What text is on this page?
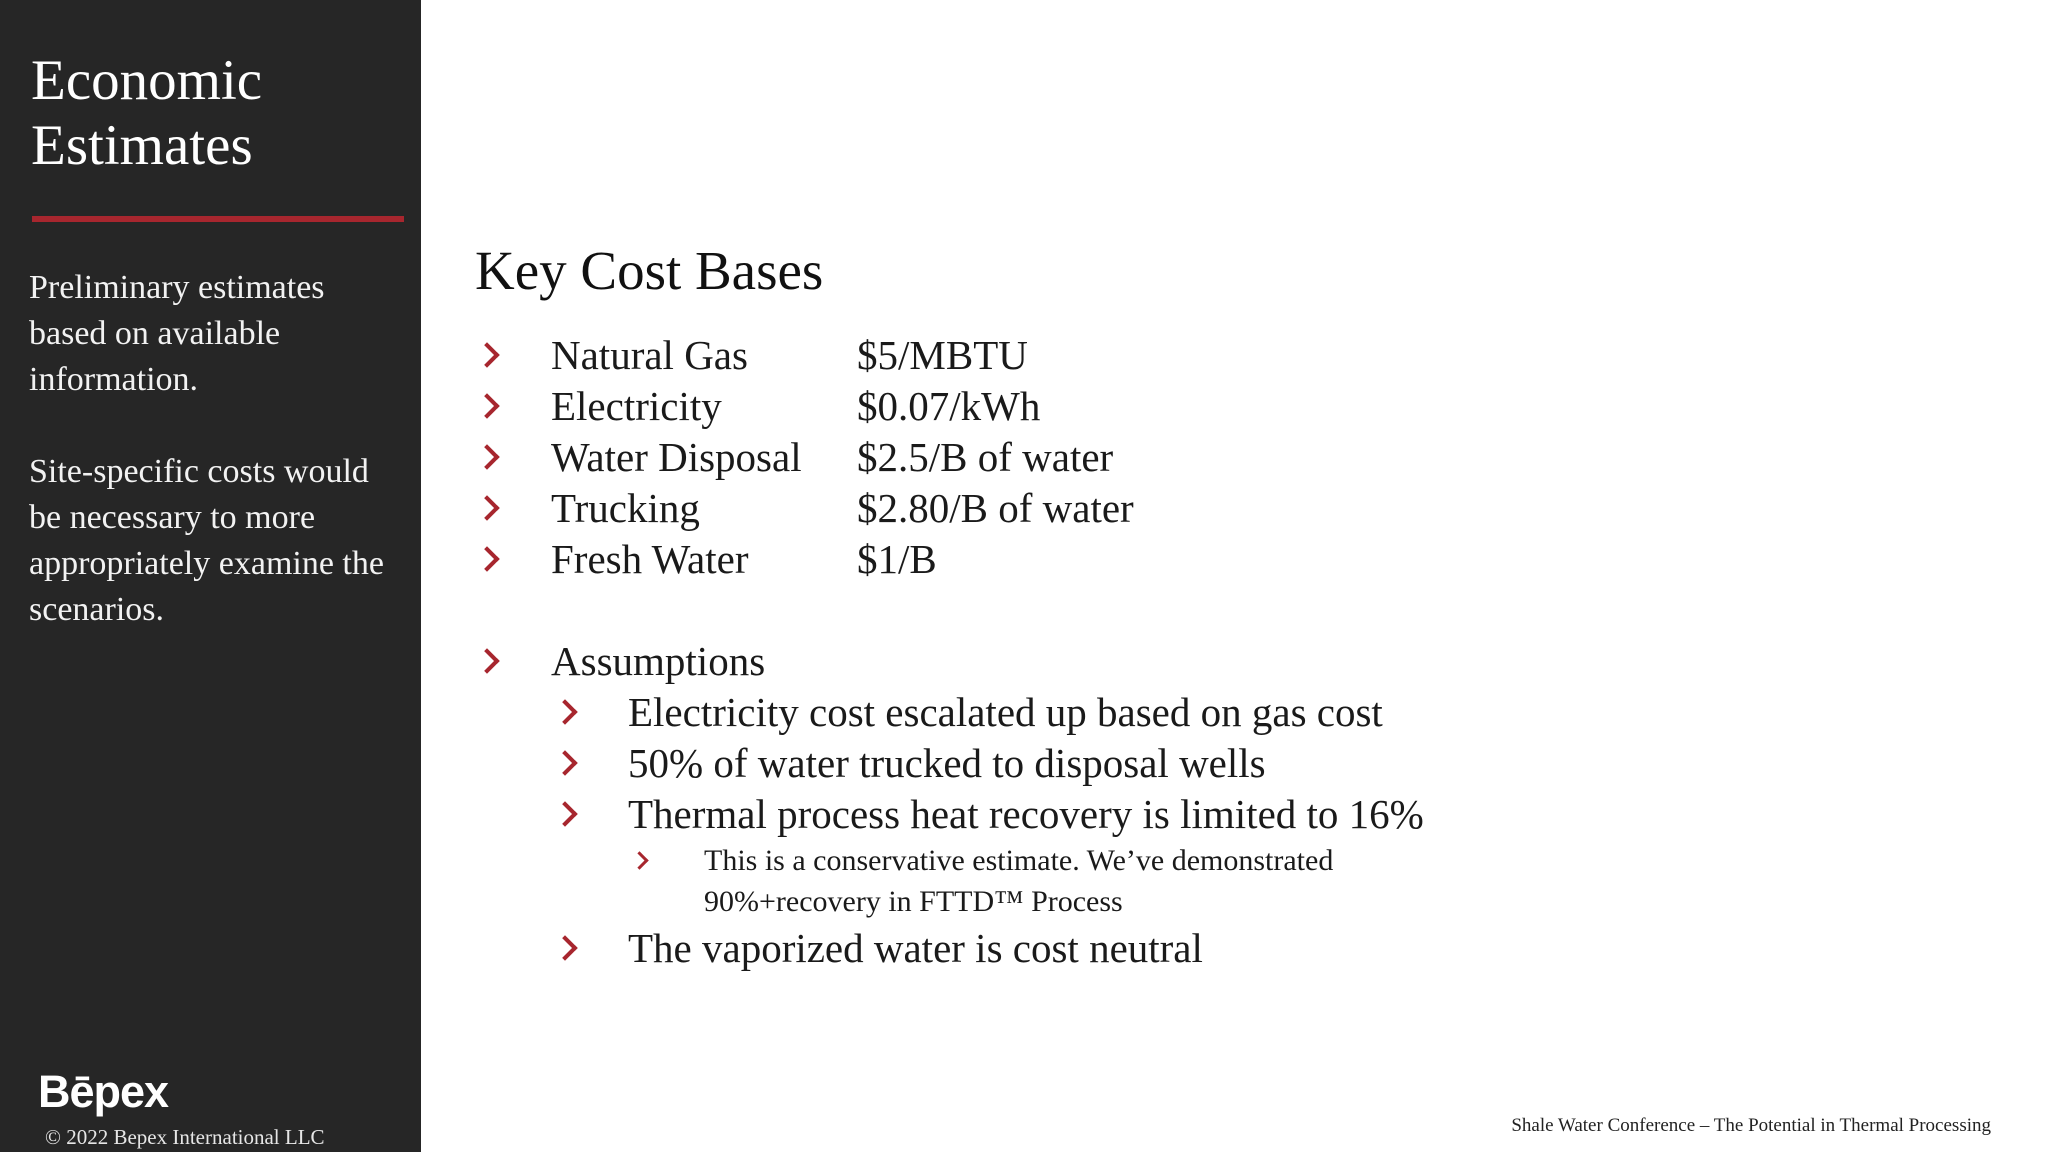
Economic
Estimates

Preliminary estimates based on available information.

Site-specific costs would be necessary to more appropriately examine the scenarios.

Bēpex
© 2022 Bepex International LLC
Key Cost Bases
Natural Gas	$5/MBTU
Electricity	$0.07/kWh
Water Disposal $2.5/B of water
Trucking	$2.80/B of water
Fresh Water	$1/B
Assumptions
Electricity cost escalated up based on gas cost
50% of water trucked to disposal wells
Thermal process heat recovery is limited to 16%
This is a conservative estimate. We’ve demonstrated
90%+recovery in FTTD™ Process
The vaporized water is cost neutral
Shale Water Conference – The Potential in Thermal Processing
